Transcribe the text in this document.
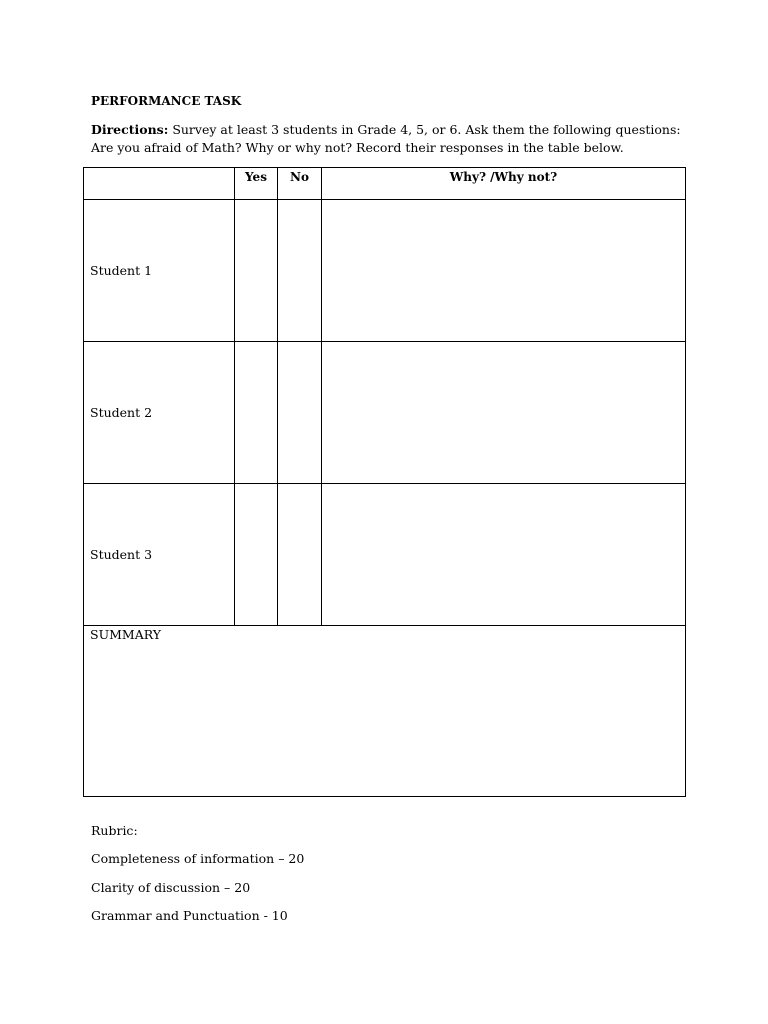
PERFORMANCE TASK
Directions: Survey at least 3 students in Grade 4, 5, or 6. Ask them the following questions: Are you afraid of Math? Why or why not? Record their responses in the table below.
	Yes	No	Why? /Why not?
Student 1			
Student 2			
Student 3			
SUMMARY			
Rubric:
Completeness of information – 20
Clarity of discussion – 20
Grammar and Punctuation - 10
